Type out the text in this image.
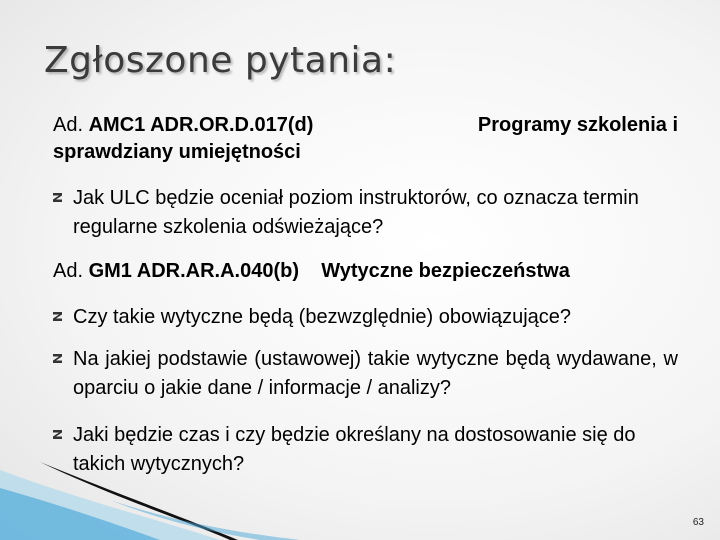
Zgłoszone pytania:
Ad. AMC1 ADR.OR.D.017(d)	Programy szkolenia i
sprawdziany umiejętności
Jak ULC będzie oceniał poziom instruktorów, co oznacza termin regularne szkolenia odświeżające?
Ad. GM1 ADR.AR.A.040(b) Wytyczne bezpieczeństwa
Czy takie wytyczne będą (bezwzględnie) obowiązujące?
Na jakiej podstawie (ustawowej) takie wytyczne będą wydawane, w oparciu o jakie dane / informacje / analizy?
Jaki będzie czas i czy będzie określany na dostosowanie się do takich wytycznych?
63
